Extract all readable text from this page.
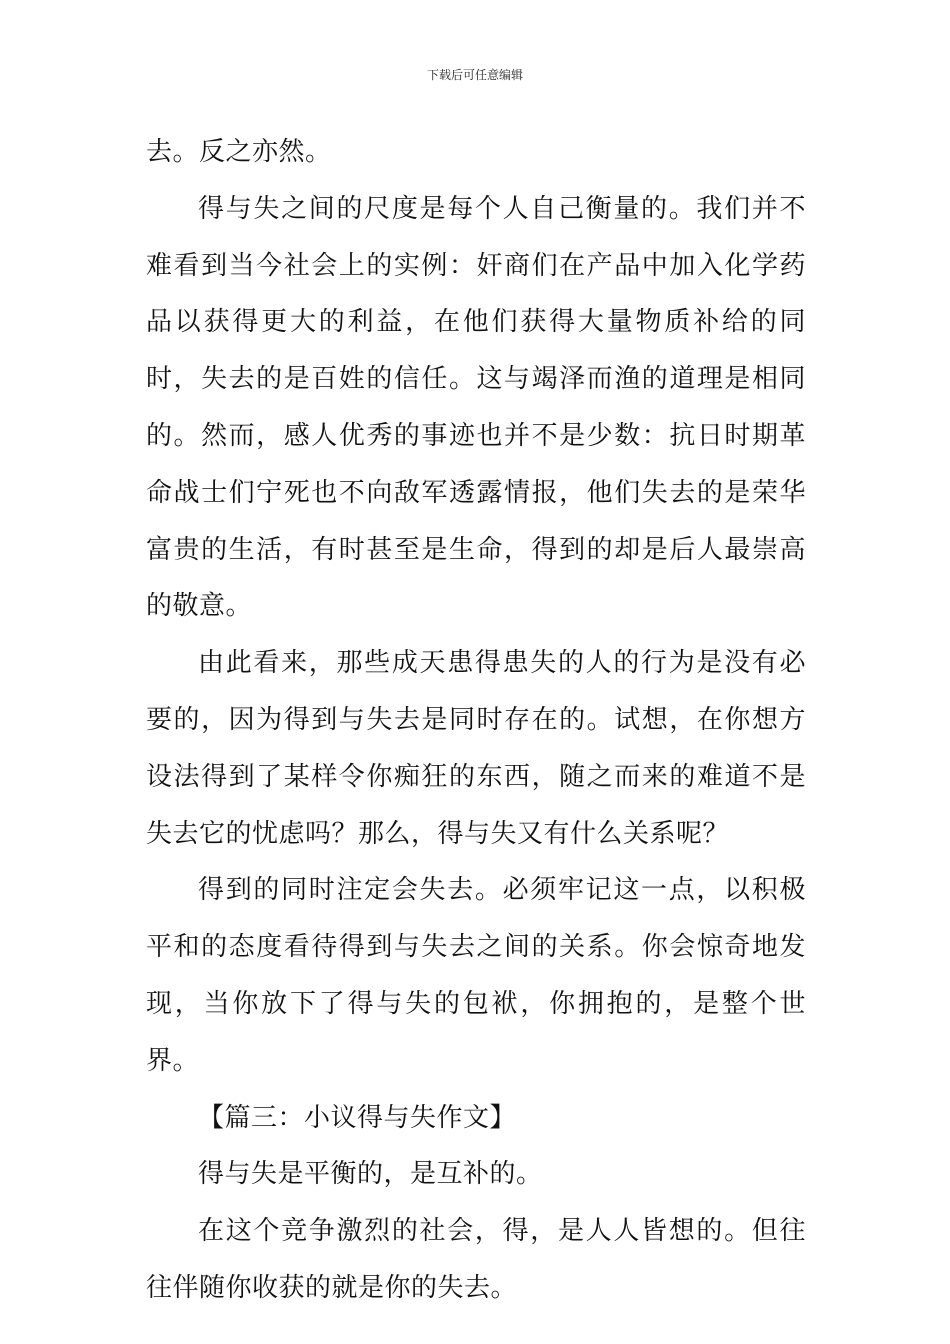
下载后可任意编辑

去。反之亦然。

得与失之间的尺度是每个人自己衡量的。我们并不难看到当今社会上的实例：奸商们在产品中加入化学药品以获得更大的利益，在他们获得大量物质补给的同时，失去的是百姓的信任。这与竭泽而渔的道理是相同的。然而，感人优秀的事迹也并不是少数：抗日时期革命战士们宁死也不向敌军透露情报，他们失去的是荣华富贵的生活，有时甚至是生命，得到的却是后人最崇高的敬意。

由此看来，那些成天患得患失的人的行为是没有必要的，因为得到与失去是同时存在的。试想，在你想方设法得到了某样令你痴狂的东西，随之而来的难道不是失去它的忧虑吗？那么，得与失又有什么关系呢？

得到的同时注定会失去。必须牢记这一点，以积极平和的态度看待得到与失去之间的关系。你会惊奇地发现，当你放下了得与失的包袱，你拥抱的，是整个世界。

【篇三：小议得与失作文】

得与失是平衡的，是互补的。

在这个竞争激烈的社会，得，是人人皆想的。但往往伴随你收获的就是你的失去。
